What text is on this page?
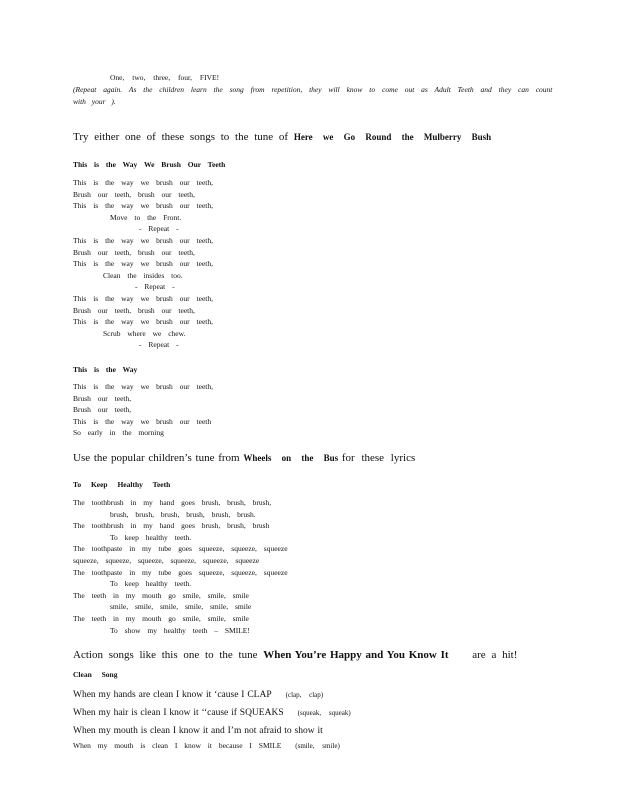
One, two, three, four, FIVE!
(Repeat again. As the children learn the song from repetition, they will know to come out as Adult Teeth and they can count
with your ).
Try either one of these songs to the tune of Here we Go Round the Mulberry Bush
This is the Way We Brush Our Teeth
This is the way we brush our teeth,
Brush our teeth, brush our teeth,
This is the way we brush our teeth,
Move to the Front.
- Repeat -
This is the way we brush our teeth,
Brush our teeth, brush our teeth,
This is the way we brush our teeth,
Clean the insides too.
- Repeat -
This is the way we brush our teeth,
Brush our teeth, brush our teeth,
This is the way we brush our teeth,
Scrub where we chew.
- Repeat -
This is the Way
This is the way we brush our teeth,
Brush our teeth,
Brush our teeth,
This is the way we brush our teeth
So early in the morning
Use the popular children’s tune from Wheels on the Bus for these lyrics
To Keep Healthy Teeth
The toothbrush in my hand goes brush, brush, brush,
brush, brush, brush, brush, brush, brush.
The toothbrush in my hand goes brush, brush, brush
To keep healthy teeth.
The toothpaste in my tube goes squeeze, squeeze, squeeze
squeeze, squeeze, squeeze, squeeze, squeeze, squeeze
The toothpaste in my tube goes squeeze, squeeze, squeeze
To keep healthy teeth.
The teeth in my mouth go smile, smile, smile
smile, smile, smile, smile, smile, smile
The teeth in my mouth go smile, smile, smile
To show my healthy teeth – SMILE!
Action songs like this one to the tune When You’re Happy and You Know It are a hit!
Clean Song
When my hands are clean I know it ‘cause I CLAP (clap, clap)
When my hair is clean I know it ‘‘cause if SQUEAKS (squeak, squeak)
When my mouth is clean I know it and I’m not afraid to show it
When my mouth is clean I know it because I SMILE (smile, smile)
